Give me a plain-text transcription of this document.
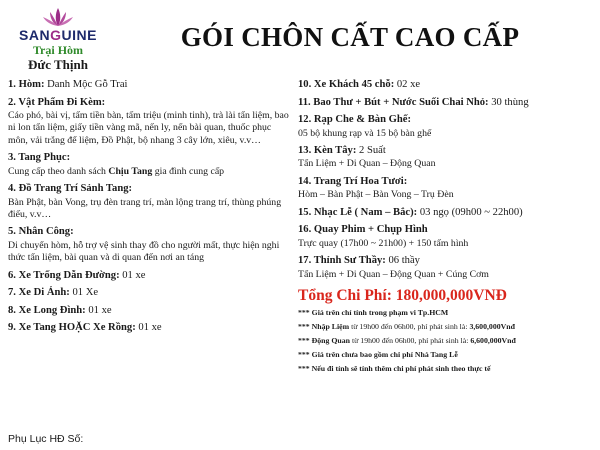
SANGUINE
Trại Hòm
Đức Thịnh
GÓI CHÔN CẤT CAO CẤP
1. Hòm: Danh Mộc Gỗ Trai
2. Vật Phẩm Đi Kèm:
Cáo phó, bài vị, tấm tiền bàn, tấm triệu (minh tinh), trà lài tẩn liệm, bao ni lon tẩn liệm, giấy tiền vàng mã, nến ly, nến bài quan, thuốc phục môn, vải trắng để liệm, Đồ Phật, bộ nhang 3 cây lớn, xiêu, v.v…
3. Tang Phục:
Cung cấp theo danh sách Chịu Tang gia đình cung cấp
4. Đồ Trang Trí Sảnh Tang:
Bàn Phật, bàn Vong, trụ đèn trang trí, màn lộng trang trí, thùng phúng điếu, v.v…
5. Nhân Công:
Di chuyển hòm, hỗ trợ vệ sinh thay đồ cho người mất, thực hiện nghi thức tẩn liệm, bài quan và di quan đến nơi an táng
6. Xe Trống Dẫn Đường: 01 xe
7. Xe Di Ảnh: 01 Xe
8. Xe Long Đình: 01 xe
9. Xe Tang HOẶC Xe Rồng: 01 xe
10. Xe Khách 45 chỗ: 02 xe
11. Bao Thư + Bút + Nước Suối Chai Nhỏ: 30 thùng
12. Rạp Che & Bàn Ghế:
05 bộ khung rạp và 15 bộ bàn ghế
13. Kèn Tây: 2 Suất
Tẩn Liệm + Di Quan – Động Quan
14. Trang Trí Hoa Tươi:
Hòm – Bàn Phật – Bàn Vong – Trụ Đèn
15. Nhạc Lễ ( Nam – Bắc): 03 ngọ (09h00 ~ 22h00)
16. Quay Phim + Chụp Hình
Trực quay (17h00 ~ 21h00) + 150 tấm hình
17. Thỉnh Sư Thầy: 06 thầy
Tẩn Liệm + Di Quan – Động Quan + Cúng Cơm
Tổng Chi Phí: 180,000,000VNĐ
*** Giá trên chỉ tính trong phạm vi Tp.HCM
*** Nhập Liệm từ 19h00 đến 06h00, phí phát sinh là: 3,600,000Vnđ
*** Động Quan từ 19h00 đến 06h00, phí phát sinh là: 6,600,000Vnđ
*** Giá trên chưa bao gồm chi phí Nhà Tang Lễ
*** Nếu đi tỉnh sẽ tính thêm chi phí phát sinh theo thực tế
Phụ Lục HĐ Số:
